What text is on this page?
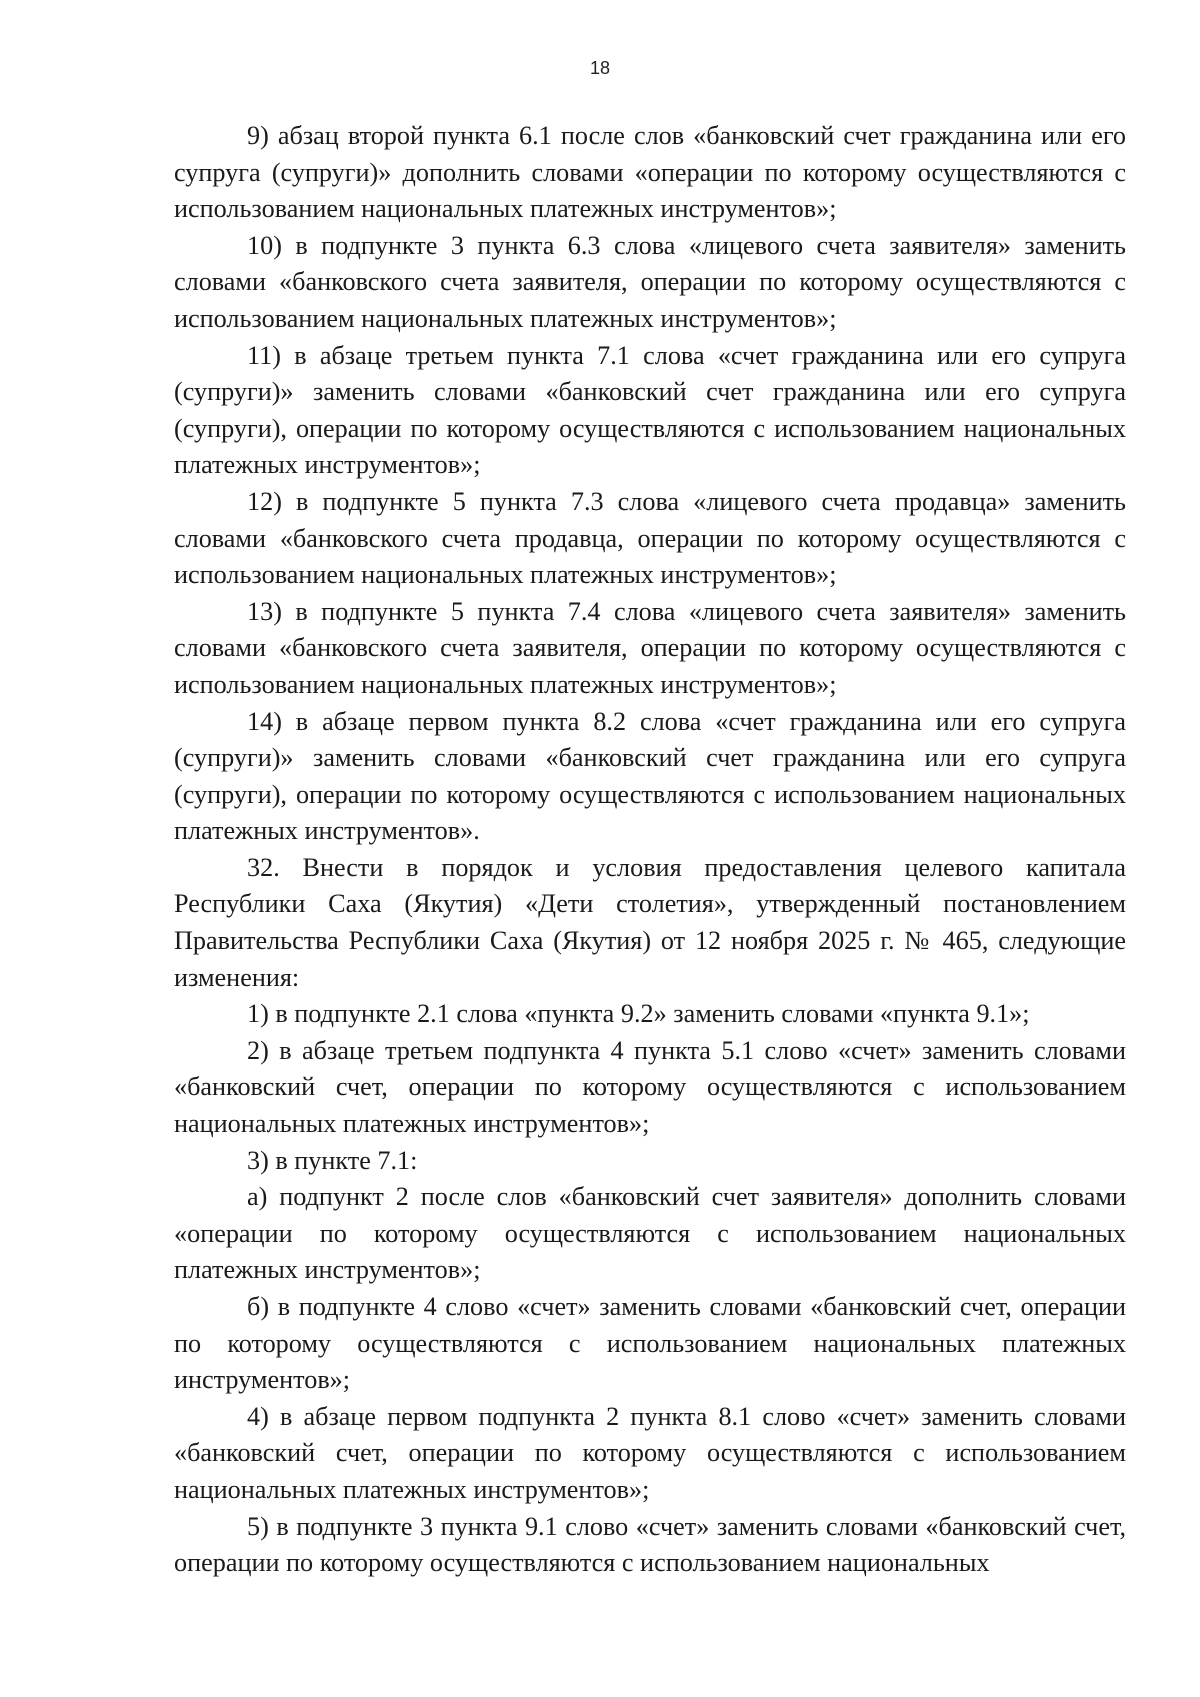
18

9) абзац второй пункта 6.1 после слов «банковский счет гражданина или его супруга (супруги)» дополнить словами «операции по которому осуществляются с использованием национальных платежных инструментов»;

10) в подпункте 3 пункта 6.3 слова «лицевого счета заявителя» заменить словами «банковского счета заявителя, операции по которому осуществляются с использованием национальных платежных инструментов»;

11) в абзаце третьем пункта 7.1 слова «счет гражданина или его супруга (супруги)» заменить словами «банковский счет гражданина или его супруга (супруги), операции по которому осуществляются с использованием национальных платежных инструментов»;

12) в подпункте 5 пункта 7.3 слова «лицевого счета продавца» заменить словами «банковского счета продавца, операции по которому осуществляются с использованием национальных платежных инструментов»;

13) в подпункте 5 пункта 7.4 слова «лицевого счета заявителя» заменить словами «банковского счета заявителя, операции по которому осуществляются с использованием национальных платежных инструментов»;

14) в абзаце первом пункта 8.2 слова «счет гражданина или его супруга (супруги)» заменить словами «банковский счет гражданина или его супруга (супруги), операции по которому осуществляются с использованием национальных платежных инструментов».

32. Внести в порядок и условия предоставления целевого капитала Республики Саха (Якутия) «Дети столетия», утвержденный постановлением Правительства Республики Саха (Якутия) от 12 ноября 2025 г. № 465, следующие изменения:

1) в подпункте 2.1 слова «пункта 9.2» заменить словами «пункта 9.1»;

2) в абзаце третьем подпункта 4 пункта 5.1 слово «счет» заменить словами «банковский счет, операции по которому осуществляются с использованием национальных платежных инструментов»;

3) в пункте 7.1:

а) подпункт 2 после слов «банковский счет заявителя» дополнить словами «операции по которому осуществляются с использованием национальных платежных инструментов»;

б) в подпункте 4 слово «счет» заменить словами «банковский счет, операции по которому осуществляются с использованием национальных платежных инструментов»;

4) в абзаце первом подпункта 2 пункта 8.1 слово «счет» заменить словами «банковский счет, операции по которому осуществляются с использованием национальных платежных инструментов»;

5) в подпункте 3 пункта 9.1 слово «счет» заменить словами «банковский счет, операции по которому осуществляются с использованием национальных
